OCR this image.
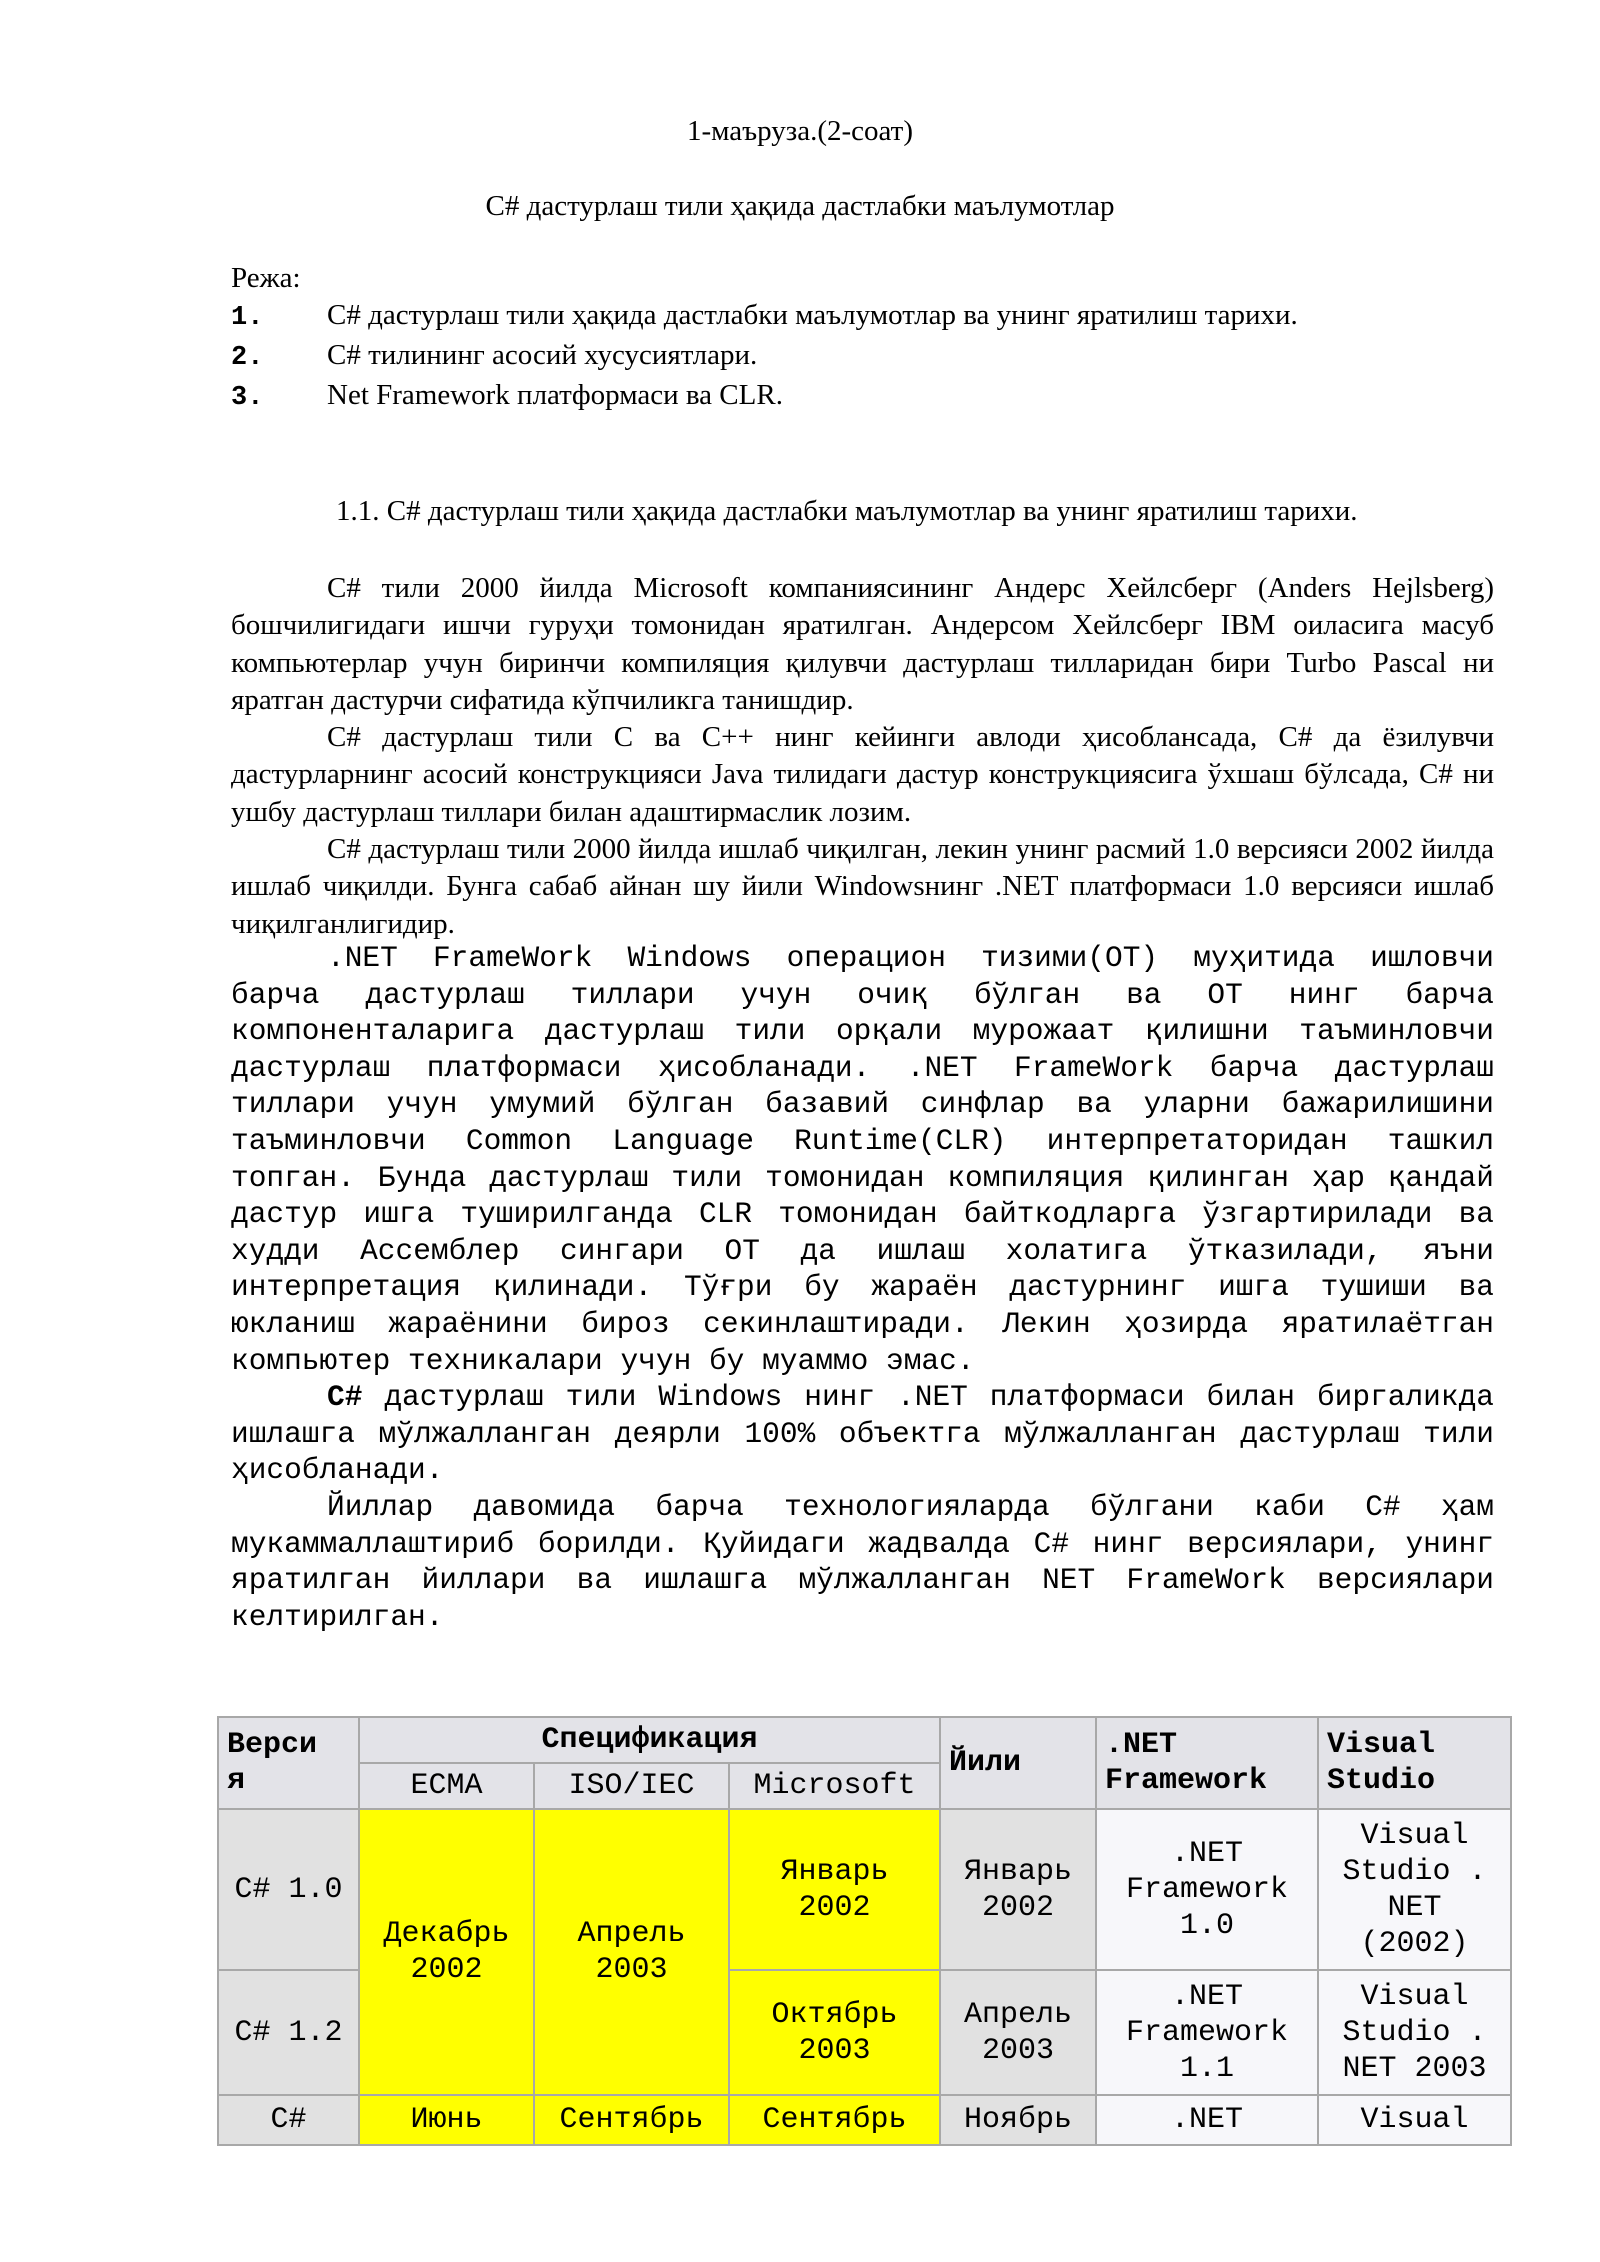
1-маъруза.(2-соат)
C# дастурлаш тили ҳақида дастлабки маълумотлар
Режа:
1. C# дастурлаш тили ҳақида дастлабки маълумотлар ва унинг яратилиш тарихи.
2. C# тилининг асосий хусусиятлари.
3. Net Framework платформаси ва CLR.
1.1. C# дастурлаш тили ҳақида дастлабки маълумотлар ва унинг яратилиш тарихи.

C# тили 2000 йилда Microsoft компаниясининг Андерс Хейлсберг (Anders Hejlsberg) бошчилигидаги ишчи гуруҳи томонидан яратилган. Андерсом Хейлсберг IBM оиласига масуб компьютерлар учун биринчи компиляция қилувчи дастурлаш тилларидан бири Turbo Pascal ни яратган дастурчи сифатида кўпчиликга танишдир.

C# дастурлаш тили C ва C++ нинг кейинги авлоди ҳисоблансада, C# да ёзилувчи дастурларнинг асосий конструкцияси Java тилидаги дастур конструкциясига ўхшаш бўлсада, C# ни ушбу дастурлаш тиллари билан адаштирмаслик лозим.

C# дастурлаш тили 2000 йилда ишлаб чиқилган, лекин унинг расмий 1.0 версияси 2002 йилда ишлаб чиқилди. Бунга сабаб айнан шу йили Windowsнинг .NET платформаси 1.0 версияси ишлаб чиқилганлигидир.

.NET FrameWork Windows операцион тизими(ОТ) муҳитида ишловчи барча дастурлаш тиллари учун очиқ бўлган ва ОТ нинг барча компоненталарига дастурлаш тили орқали мурожаат қилишни таъминловчи дастурлаш платформаси ҳисобланади. .NET FrameWork барча дастурлаш тиллари учун умумий бўлган базавий синфлар ва уларни бажарилишини таъминловчи Common Language Runtime(CLR) интерпретаторидан ташкил топган. Бунда дастурлаш тили томонидан компиляция қилинган ҳар қандай дастур ишга туширилганда CLR томонидан байткодларга ўзгартирилади ва худди Ассемблер сингари ОТ да ишлаш холатига ўтказилади, яъни интерпретация қилинади. Тўғри бу жараён дастурнинг ишга тушиши ва юкланиш жараёнини бироз секинлаштиради. Лекин ҳозирда яратилаётган компьютер техникалари учун бу муаммо эмас.

C# дастурлаш тили Windows нинг .NET платформаси билан биргаликда ишлашга мўлжалланган деярли 100% объектга мўлжалланган дастурлаш тили ҳисобланади.

Йиллар давомида барча технологияларда бўлгани каби C# ҳам мукаммаллаштириб борилди. Қуйидаги жадвалда C# нинг версиялари, унинг яратилган йиллари ва ишлашга мўлжалланган NET FrameWork версиялари келтирилган.

Верси я	Спецификация			Йили	.NET Framework	Visual Studio
	ECMA	ISO/IEC	Microsoft			
C# 1.0	Декабрь 2002	Апрель 2003	Январь 2002	Январь 2002	.NET Framework 1.0	Visual Studio . NET (2002)
C# 1.2			Октябрь 2003	Апрель 2003	.NET Framework 1.1	Visual Studio . NET 2003
C#	Июнь	Сентябрь	Сентябрь	Ноябрь	.NET	Visual
